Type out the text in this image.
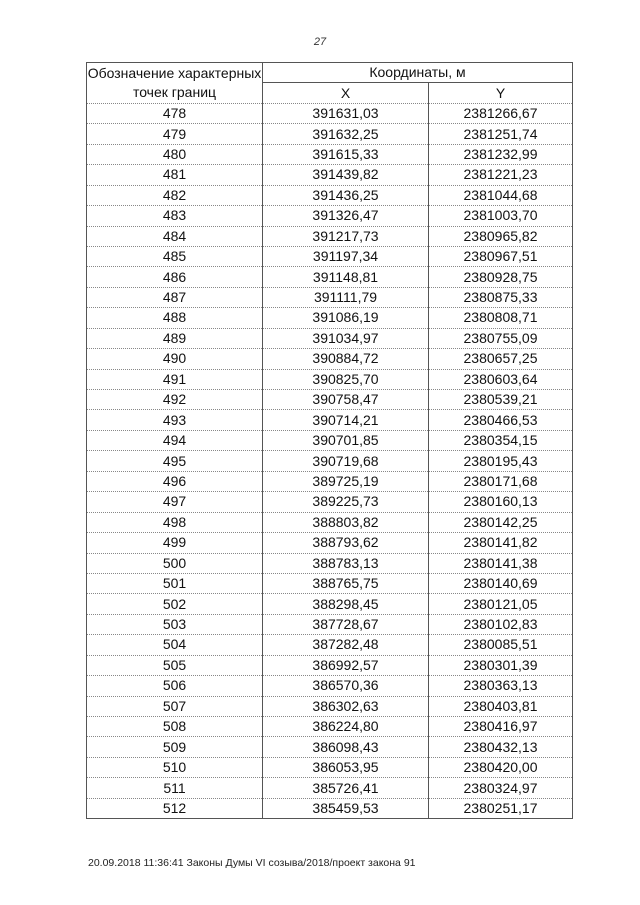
27
Обозначение характерных точек границ	Координаты, м	
	X	Y
478	391631,03	2381266,67
479	391632,25	2381251,74
480	391615,33	2381232,99
481	391439,82	2381221,23
482	391436,25	2381044,68
483	391326,47	2381003,70
484	391217,73	2380965,82
485	391197,34	2380967,51
486	391148,81	2380928,75
487	391111,79	2380875,33
488	391086,19	2380808,71
489	391034,97	2380755,09
490	390884,72	2380657,25
491	390825,70	2380603,64
492	390758,47	2380539,21
493	390714,21	2380466,53
494	390701,85	2380354,15
495	390719,68	2380195,43
496	389725,19	2380171,68
497	389225,73	2380160,13
498	388803,82	2380142,25
499	388793,62	2380141,82
500	388783,13	2380141,38
501	388765,75	2380140,69
502	388298,45	2380121,05
503	387728,67	2380102,83
504	387282,48	2380085,51
505	386992,57	2380301,39
506	386570,36	2380363,13
507	386302,63	2380403,81
508	386224,80	2380416,97
509	386098,43	2380432,13
510	386053,95	2380420,00
511	385726,41	2380324,97
512	385459,53	2380251,17
20.09.2018 11:36:41 Законы Думы VI созыва/2018/проект закона 91
